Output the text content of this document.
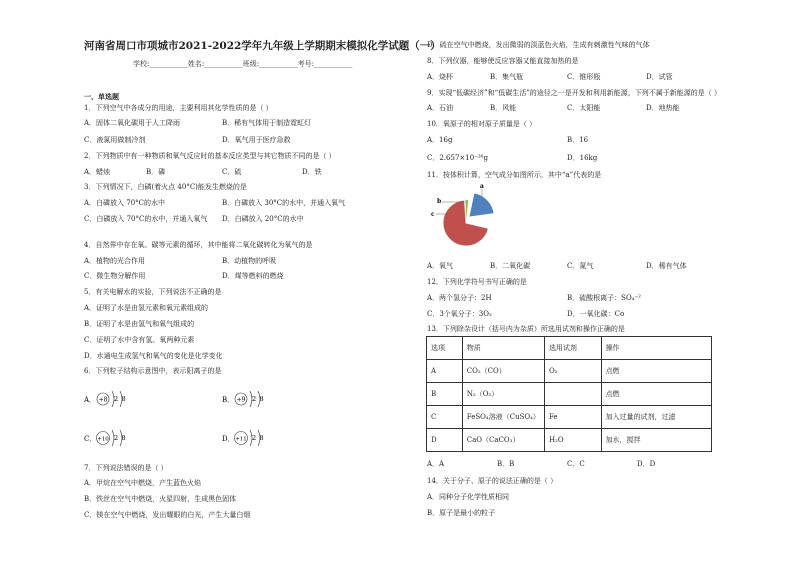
河南省周口市项城市2021-2022学年九年级上学期期末模拟化学试题（一）
学校:___________姓名:___________班级:___________考号:___________
一、单选题
1．下列空气中各成分的用途，主要利用其化学性质的是（ ）
A．固体二氧化碳用于人工降雨	B．稀有气体用于制造霓虹灯
C．液氮用做制冷剂	D．氧气用于医疗急救
2．下列物质中有一种物质和氧气反应时的基本反应类型与其它物质不同的是（ ）
A．蜡烛	B．磷	C．硫	D．铁
3．下列情况下，白磷(着火点 40°C)能发生燃烧的是
A．白磷放入 70°C的水中	B．白磷放入 30°C的水中，并通入氧气
C．白磷放入 70°C的水中，并通入氧气 D．白磷放入 20°C的水中
4．自然界中存在氧、碳等元素的循环，其中能将二氧化碳转化为氧气的是
A．植物的光合作用	B．动植物的呼吸
C．微生物分解作用	D．煤等燃料的燃烧
5．有关电解水的实验，下列说法不正确的是
A．证明了水是由氢元素和氧元素组成的
B．证明了水是由氢气和氧气组成的
C．证明了水中含有氢、氧两种元素
D．水通电生成氢气和氧气的变化是化学变化
6．下列粒子结构示意图中，表示阳离子的是
A． +8 2 8	B． +9 2 8
C． +10 2 8	D． +11 2 8
7．下列说法错误的是（ ）
A．甲烷在空气中燃烧，产生蓝色火焰
B．铁丝在空气中燃烧，火星四射，生成黑色固体
C．镁在空气中燃烧，发出耀眼的白光，产生大量白烟
D．硫在空气中燃烧，发出微弱的淡蓝色火焰，生成有刺激性气味的气体
8．下列仪器，能够使反应容器又能直接加热的是
A．烧杯	B．集气瓶	C．锥形瓶	D．试管
9．实现“低碳经济”和“低碳生活”的途径之一是开发和利用新能源，下列不属于新能源的是（ ）
A．石油	B．风能	C．太阳能	D．地热能
10．氧原子的相对原子质量是（ ）
A．16g	B．16
C．2.657×10⁻²⁶g	D．16kg
11．按体积计算，空气成分如图所示，其中“a”代表的是
a
b
c
A．氧气	B．二氧化碳	C．氮气	D．稀有气体
12．下列化学符号书写正确的是
A．两个氢分子：2H	B．硫酸根离子：SO₄⁻²
C．3个氧分子：3O₂	D．一氧化碳：Co
13．下列除杂设计（括号内为杂质）所选用试剂和操作正确的是
选项	物质	选用试剂	操作
A	CO₂（CO）	O₂	点燃
B	N₂（O₂）		点燃
C	FeSO₄溶液（CuSO₄）	Fe	加入过量的试剂，过滤
D	CaO（CaCO₃）	H₂O	加水，搅拌
A．A	B．B	C．C	D．D
14．关于分子、原子的说法正确的是（ ）
A．同种分子化学性质相同
B．原子是最小的粒子
